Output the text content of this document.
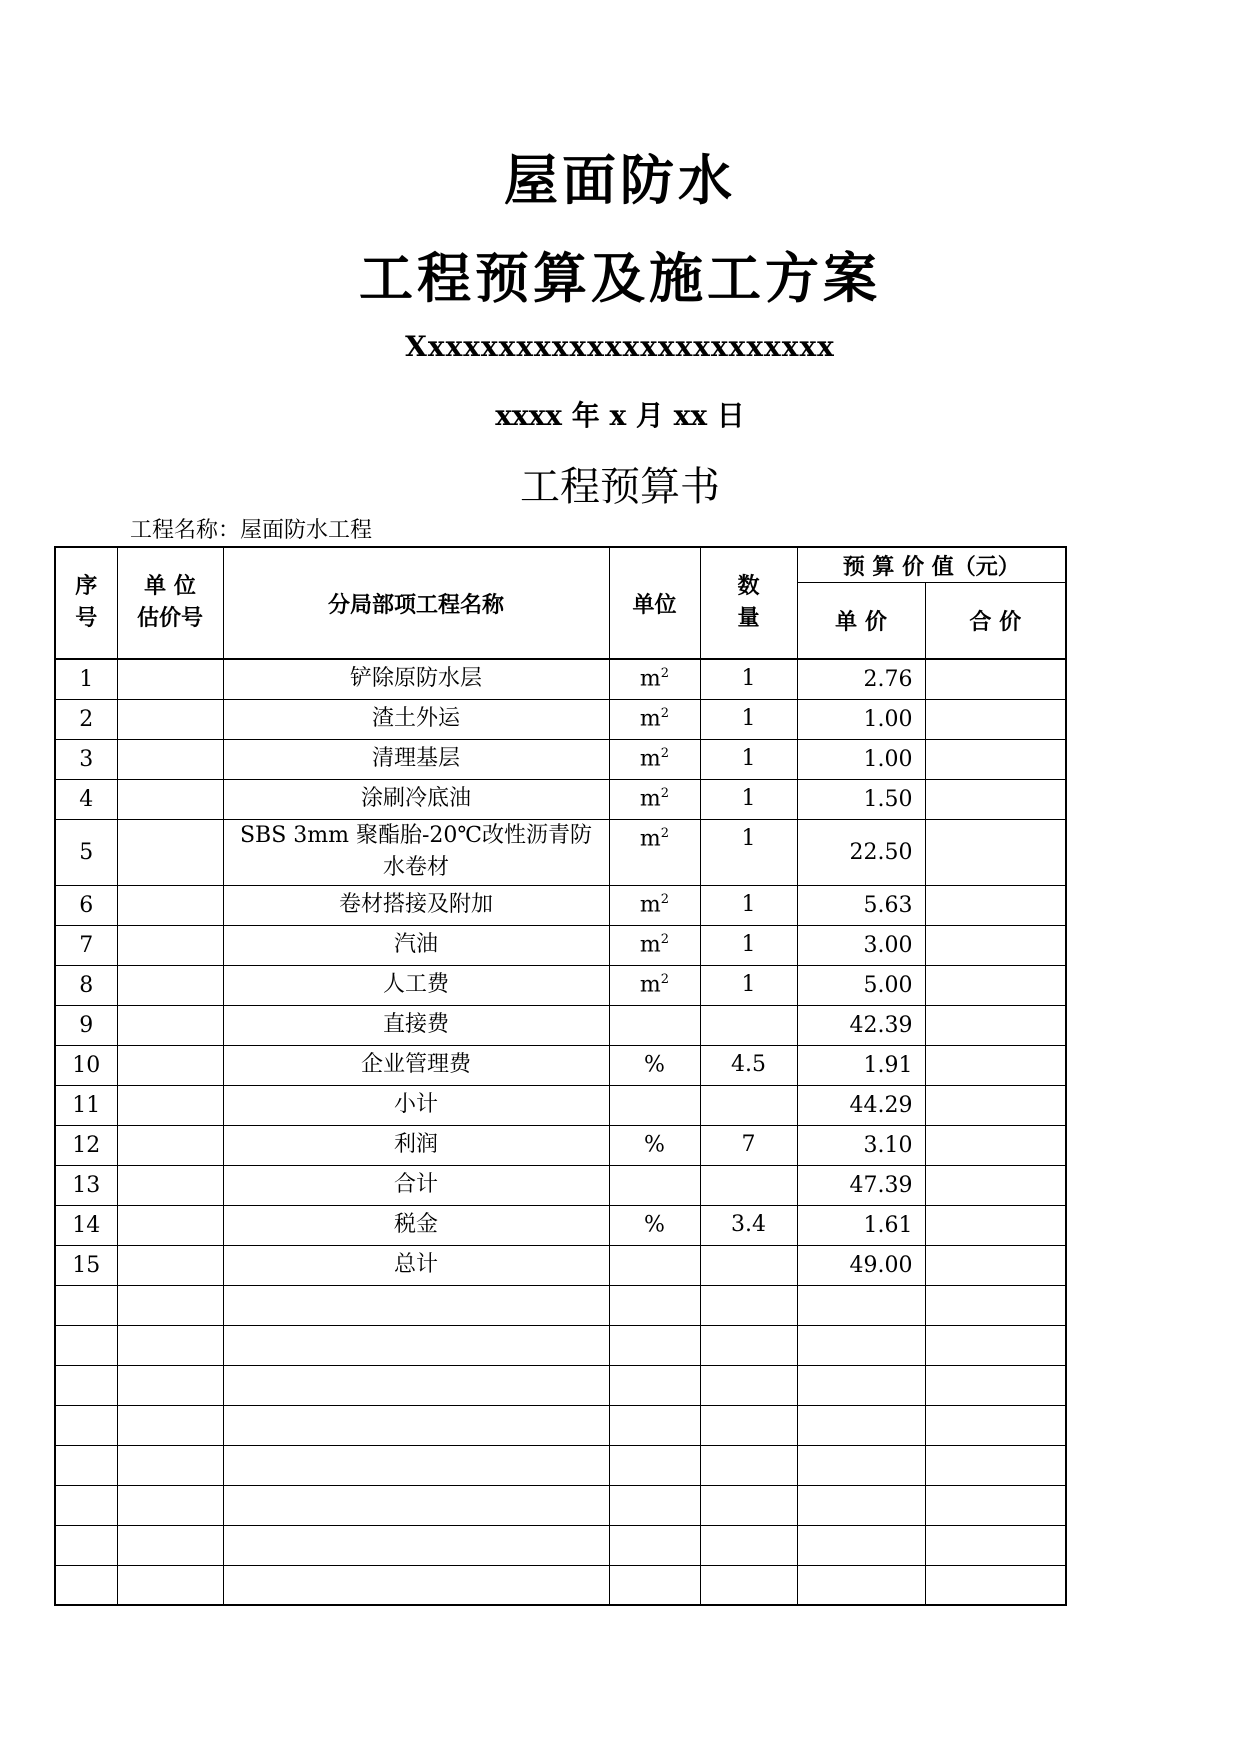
屋面防水
工程预算及施工方案
Xxxxxxxxxxxxxxxxxxxxxxxx
xxxx 年 x 月 xx 日
工程预算书
工程名称：屋面防水工程
序号	单 位 估价号	分局部项工程名称	单位	数量	预 算 价 值（元）	
					单 价	合 价
1		铲除原防水层	$m^2$	1	2.76	
2		渣土外运	$m^2$	1	1.00	
3		清理基层	$m^2$	1	1.00	
4		涂刷冷底油	$m^2$	1	1.50	
5		SBS 3mm 聚酯胎-20℃改性沥青防水卷材	$m^2$	1	22.50	
6		卷材搭接及附加	$m^2$	1	5.63	
7		汽油	$m^2$	1	3.00	
8		人工费	$m^2$	1	5.00	
9		直接费			42.39	
10		企业管理费	%	4.5	1.91	
11		小计			44.29	
12		利润	%	7	3.10	
13		合计			47.39	
14		税金	%	3.4	1.61	
15		总计			49.00	
